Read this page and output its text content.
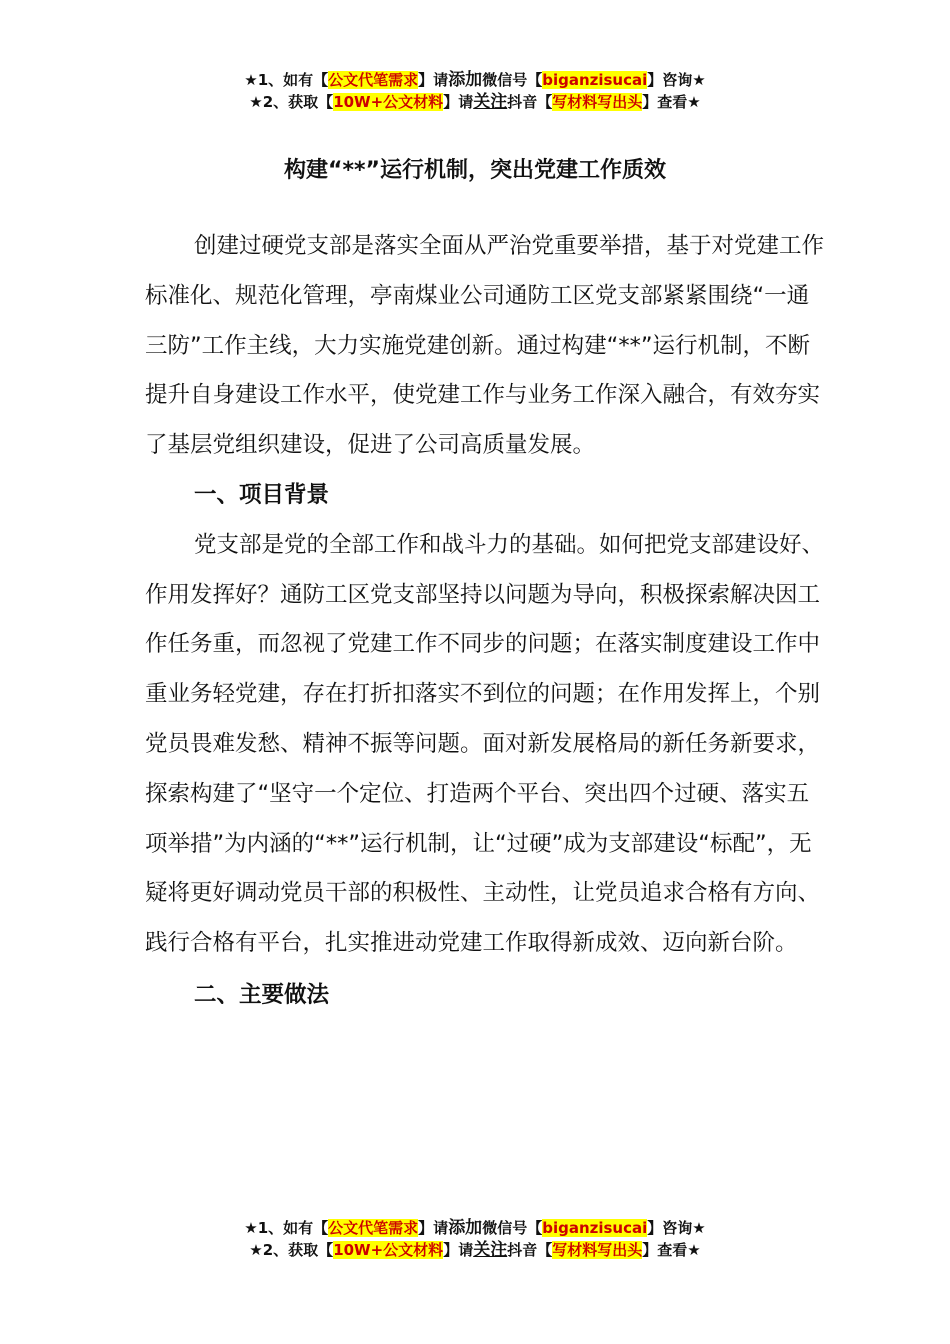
★1、如有【公文代笔需求】请添加微信号【biganzisucai】咨询★
★2、获取【10W+公文材料】请关注抖音【写材料写出头】查看★
构建“**”运行机制，突出党建工作质效

创建过硬党支部是落实全面从严治党重要举措，基于对党建工作标准化、规范化管理，亭南煤业公司通防工区党支部紧紧围绕“一通三防”工作主线，大力实施党建创新。通过构建“**”运行机制，不断提升自身建设工作水平，使党建工作与业务工作深入融合，有效夯实了基层党组织建设，促进了公司高质量发展。

一、项目背景

党支部是党的全部工作和战斗力的基础。如何把党支部建设好、作用发挥好？通防工区党支部坚持以问题为导向，积极探索解决因工作任务重，而忽视了党建工作不同步的问题；在落实制度建设工作中重业务轻党建，存在打折扣落实不到位的问题；在作用发挥上，个别党员畏难发愁、精神不振等问题。面对新发展格局的新任务新要求，探索构建了“坚守一个定位、打造两个平台、突出四个过硬、落实五项举措”为内涵的“**”运行机制，让“过硬”成为支部建设“标配”，无疑将更好调动党员干部的积极性、主动性，让党员追求合格有方向、践行合格有平台，扎实推进动党建工作取得新成效、迈向新台阶。

二、主要做法
★1、如有【公文代笔需求】请添加微信号【biganzisucai】咨询★
★2、获取【10W+公文材料】请关注抖音【写材料写出头】查看★
